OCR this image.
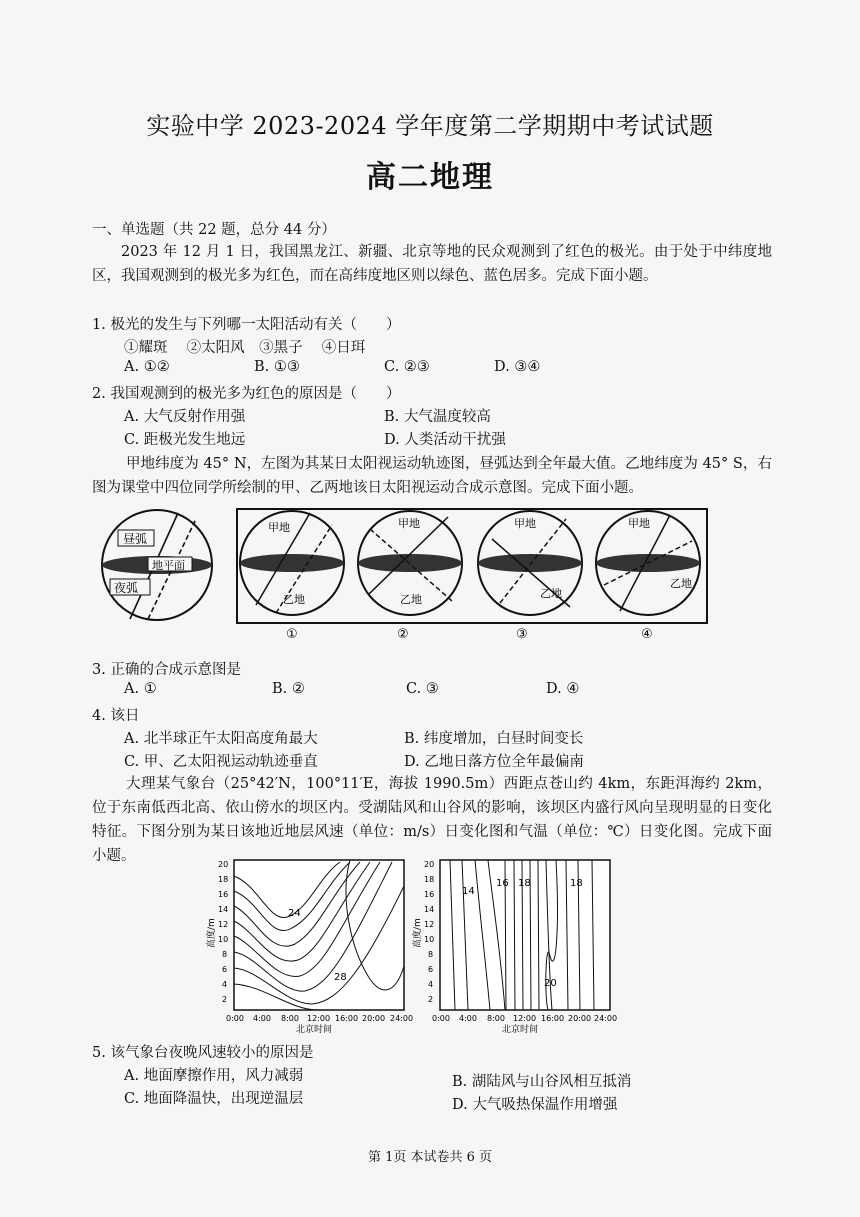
实验中学 2023-2024 学年度第二学期期中考试试题
高二地理
一、单选题（共 22 题，总分 44 分）
2023 年 12 月 1 日，我国黑龙江、新疆、北京等地的民众观测到了红色的极光。由于处于中纬度地区，我国观测到的极光多为红色，而在高纬度地区则以绿色、蓝色居多。完成下面小题。
1. 极光的发生与下列哪一太阳活动有关（　　）
①耀斑　 ②太阳风　③黑子　 ④日珥
A. ①②	B. ①③	C. ②③	D. ③④
2. 我国观测到的极光多为红色的原因是（　　）
A. 大气反射作用强	B. 大气温度较高
C. 距极光发生地远	D. 人类活动干扰强
甲地纬度为 45° N，左图为其某日太阳视运动轨迹图，昼弧达到全年最大值。乙地纬度为 45° S，右图为课堂中四位同学所绘制的甲、乙两地该日太阳视运动合成示意图。完成下面小题。
昼弧
地平面
夜弧
甲地
乙地
甲地
乙地
甲地
乙地
甲地
乙地
①	②	③	④
3. 正确的合成示意图是
A. ①	B. ②	C. ③	D. ④
4. 该日
A. 北半球正午太阳高度角最大	B. 纬度增加，白昼时间变长
C. 甲、乙太阳视运动轨迹垂直	D. 乙地日落方位全年最偏南
大理某气象台（25°42′N，100°11′E，海拔 1990.5m）西距点苍山约 4km，东距洱海约 2km，位于东南低西北高、依山傍水的坝区内。受湖陆风和山谷风的影响，该坝区内盛行风向呈现明显的日变化特征。下图分别为某日该地近地层风速（单位：m/s）日变化图和气温（单位：℃）日变化图。完成下面小题。
高度/m
24
28
2
4
6
8
10
12
14
16
18
20
0:00 4:00 8:00 12:00 16:00 20:00 24:00
北京时间
高度/m
14
16 18	18
20
2
4
6
8
10
12
14
16
18
20
0:00 4:00 8:00 12:00 16:00 20:00 24:00
北京时间
5. 该气象台夜晚风速较小的原因是
A. 地面摩擦作用，风力减弱	B. 湖陆风与山谷风相互抵消
C. 地面降温快，出现逆温层	D. 大气吸热保温作用增强
第 1页 本试卷共 6 页
